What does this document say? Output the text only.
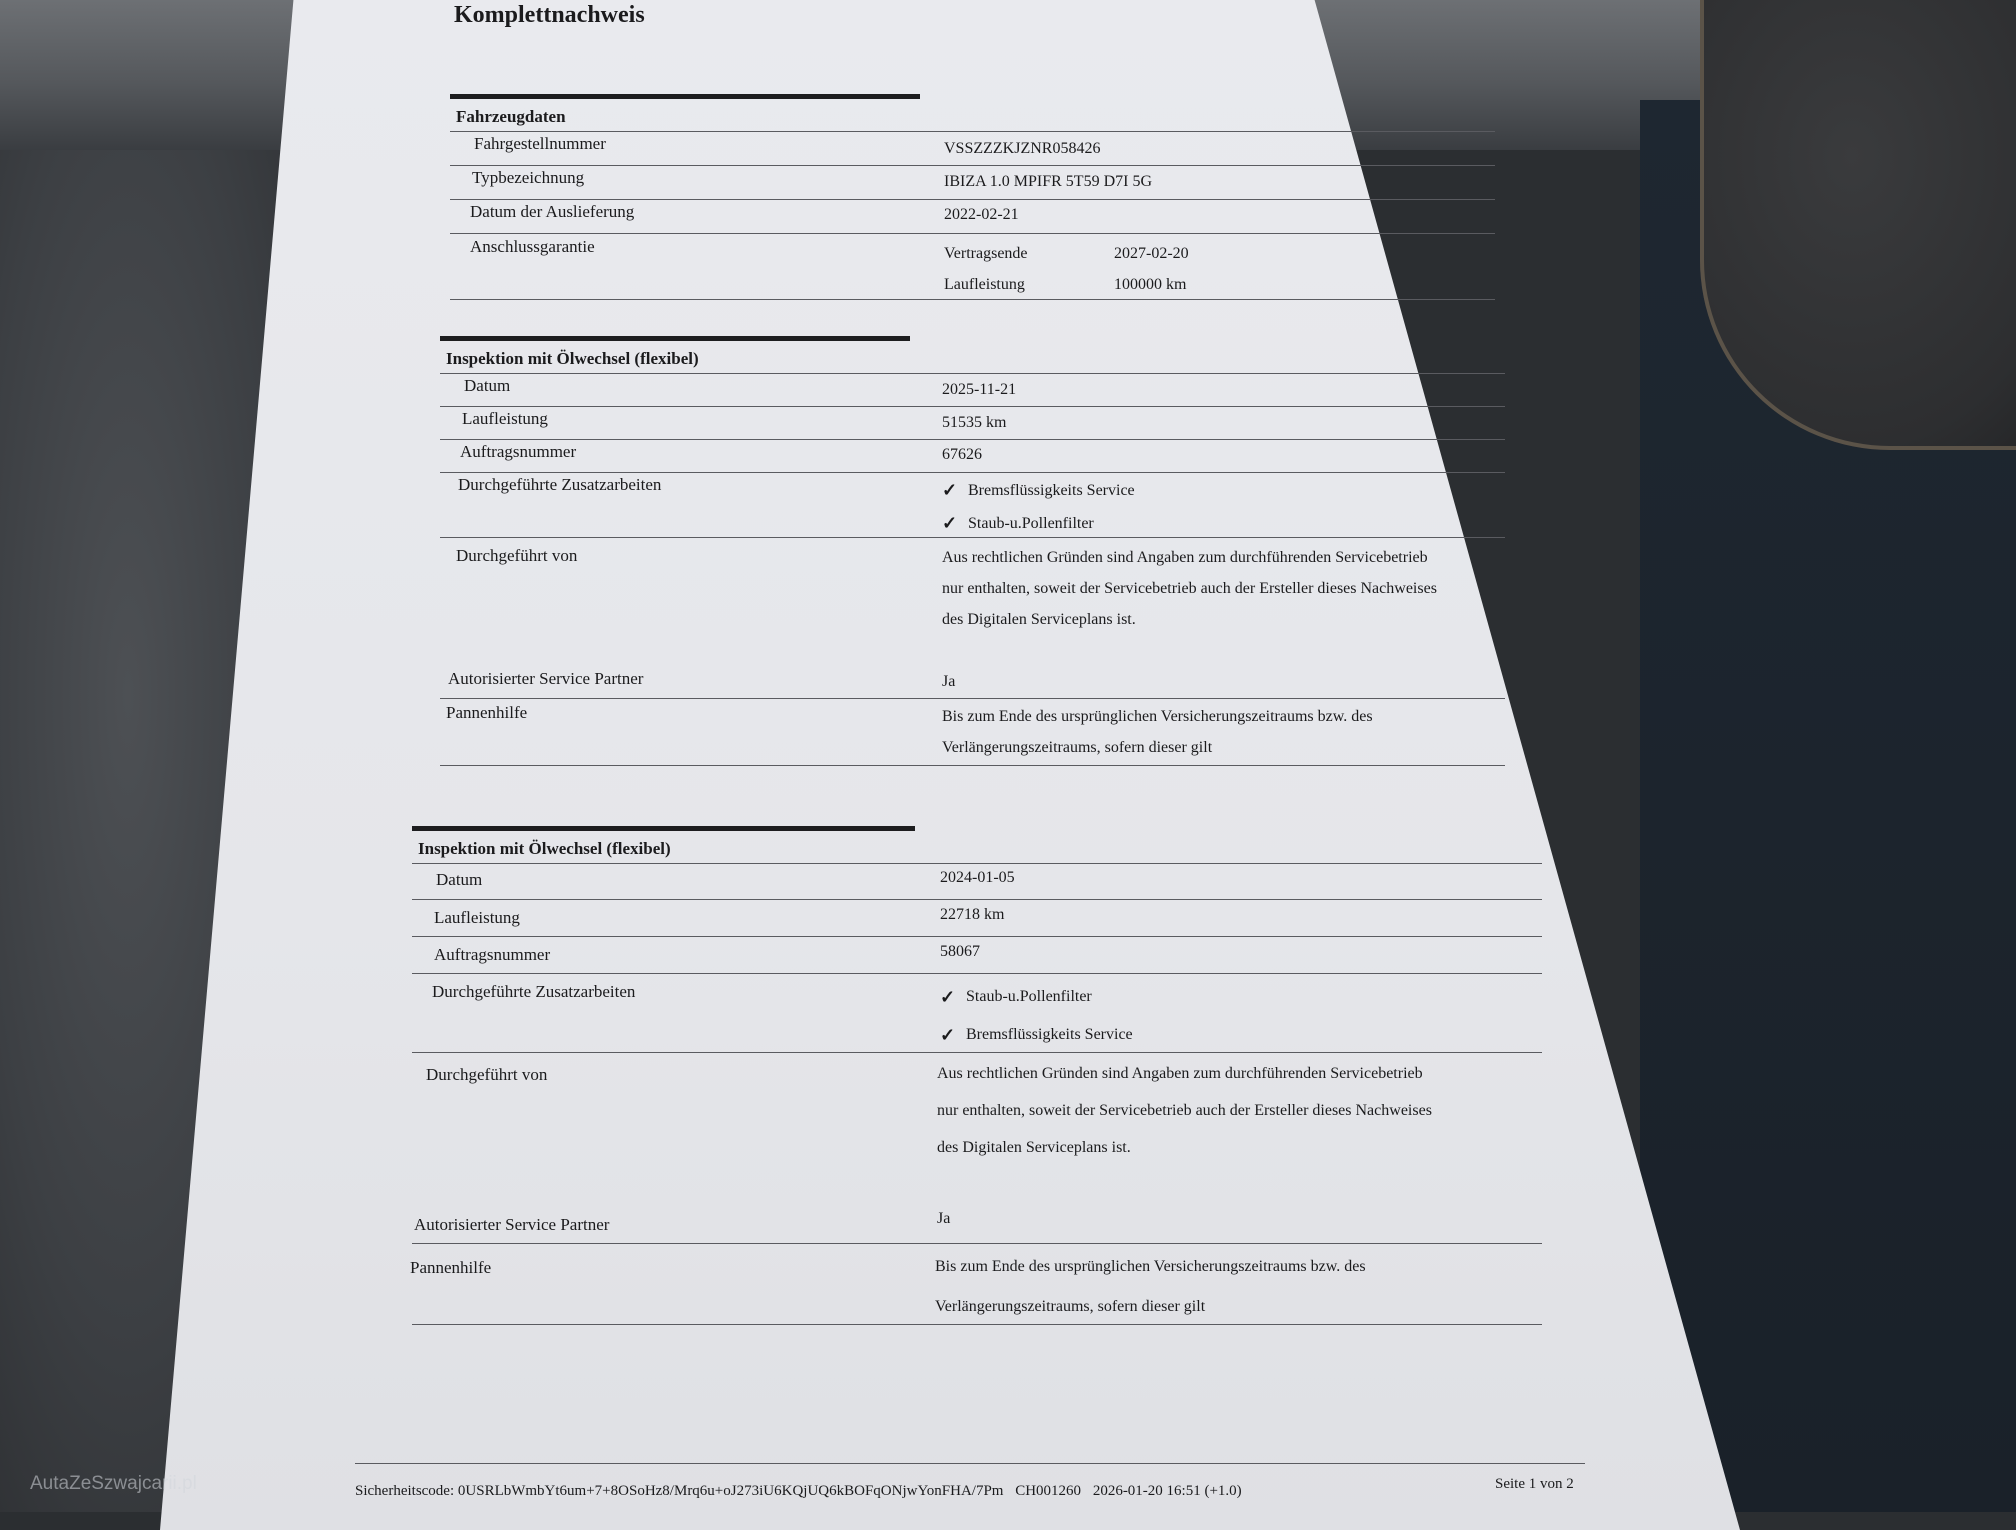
Komplettnachweis
Fahrzeugdaten
Fahrgestellnummer	VSSZZZKJZNR058426
Typbezeichnung	IBIZA 1.0 MPIFR 5T59 D7I 5G
Datum der Auslieferung	2022-02-21
Anschlussgarantie	Vertragsende	2027-02-20
Laufleistung	100000 km
Inspektion mit Ölwechsel (flexibel)
Datum	2025-11-21
Laufleistung	51535 km
Auftragsnummer	67626
Durchgeführte Zusatzarbeiten	✓ Bremsflüssigkeits Service
✓ Staub-u.Pollenfilter
Durchgeführt von	Aus rechtlichen Gründen sind Angaben zum durchführenden Servicebetrieb
nur enthalten, soweit der Servicebetrieb auch der Ersteller dieses Nachweises
des Digitalen Serviceplans ist.
Autorisierter Service Partner	Ja
Pannenhilfe	Bis zum Ende des ursprünglichen Versicherungszeitraums bzw. des
Verlängerungszeitraums, sofern dieser gilt
Inspektion mit Ölwechsel (flexibel)
Datum	2024-01-05
Laufleistung	22718 km
Auftragsnummer	58067
Durchgeführte Zusatzarbeiten	✓ Staub-u.Pollenfilter
✓ Bremsflüssigkeits Service
Durchgeführt von	Aus rechtlichen Gründen sind Angaben zum durchführenden Servicebetrieb
nur enthalten, soweit der Servicebetrieb auch der Ersteller dieses Nachweises
des Digitalen Serviceplans ist.
Autorisierter Service Partner	Ja
Pannenhilfe	Bis zum Ende des ursprünglichen Versicherungszeitraums bzw. des
Verlängerungszeitraums, sofern dieser gilt
Sicherheitscode: 0USRLbWmbYt6um+7+8OSoHz8/Mrq6u+oJ273iU6KQjUQ6kBOFqONjwYonFHA/7Pm CH001260 2026-01-20 16:51 (+1.0)	Seite 1 von 2
AutaZeSzwajcarii.pl
